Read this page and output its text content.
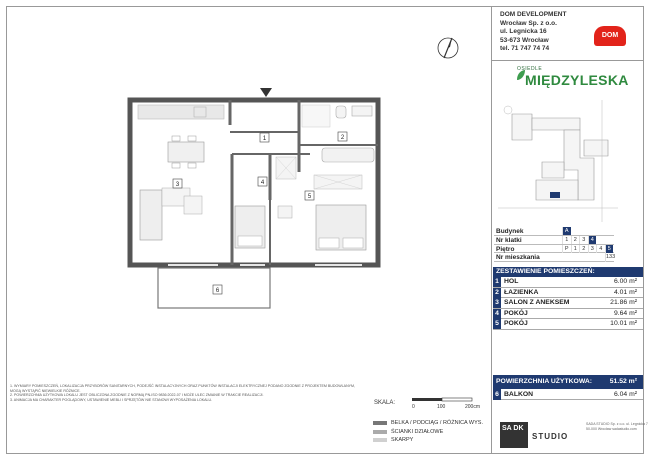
DOM DEVELOPMENT
Wrocław Sp. z o.o.
ul. Legnicka 16
53-673 Wrocław
tel. 71 747 74 74
DOM
OSIEDLE
MIĘDZYLESKA
1	2
3	4
5
6
Budynek	A
Nr klatki	1 2 3 4
Piętro	P 1 2 3 4 5
Nr mieszkania	133
ZESTAWIENIE POMIESZCZEŃ:
1 HOL	6.00 m²
2 ŁAZIENKA	4.01 m²
3 SALON Z ANEKSEM	21.86 m²
4 POKÓJ	9.64 m²
5 POKÓJ	10.01 m²
POWIERZCHNIA UŻYTKOWA:	51.52 m²
6 BALKON	6.04 m²
1. WYMIARY POMIESZCZEŃ, LOKALIZACJA PRZYBORÓW SANITARNYCH, PODEJŚĆ INSTALACYJNYCH ORAZ PUNKTÓW INSTALACJI ELEKTRYCZNEJ PODANO ZGODNIE Z PROJEKTEM BUDOWLANYM, MOGĄ WYSTĄPIĆ NIEWIELKIE RÓŻNICE.
2. POWIERZCHNIA UŻYTKOWA LOKALU JEST OBLICZONA ZGODNIE Z NORMĄ PN-ISO 9836:2022-07 I MOŻE ULEC ZMIANIE W TRAKCIE REALIZACJI.
3. ANIMACJA MA CHARAKTER POGLĄDOWY, USTAWIENIE MEBLI I SPRZĘTÓW NIE STANOWI WYPOSAŻENIA LOKALU.	SKALA:
0	100	200cm
BELKA / PODCIĄG / RÓŻNICA WYS.
ŚCIANKI DZIAŁOWE
SKARPY
SA DK
STUDIO
SADA STUDIO Sp. z o.o. ul. Legnicka 7 50-000 Wrocław sadastudio.com
